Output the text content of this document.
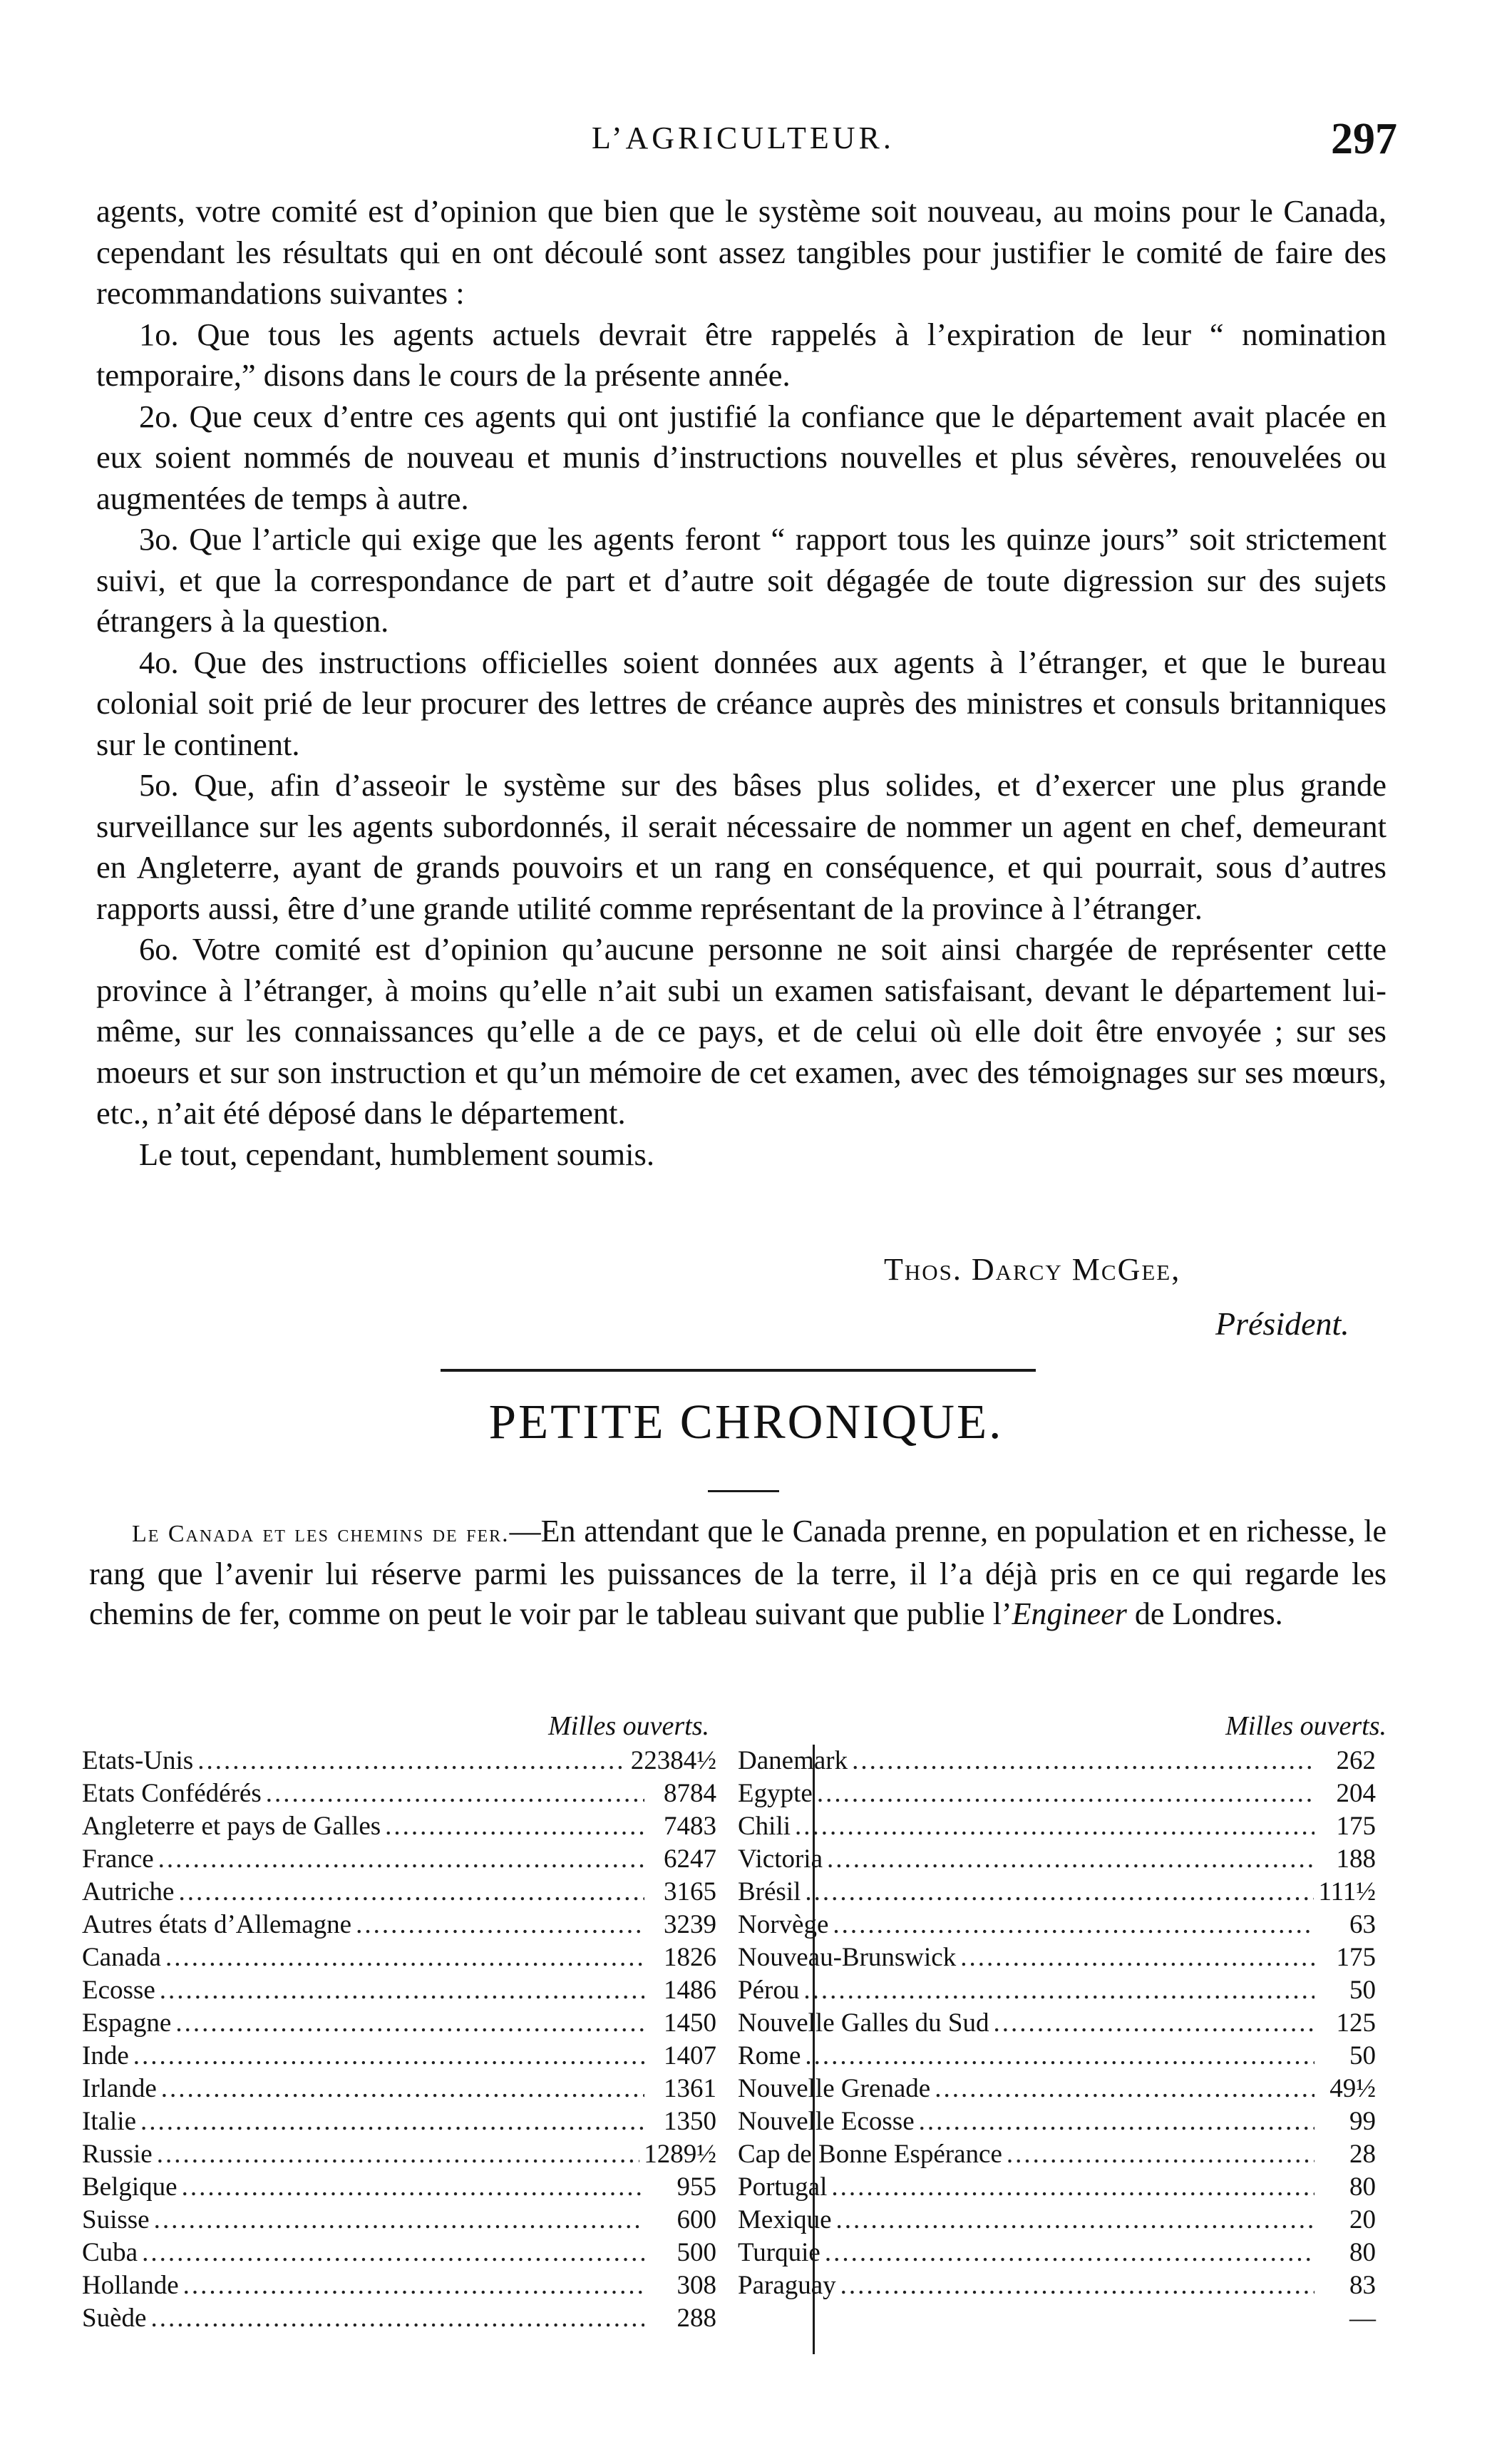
L’AGRICULTEUR.	297

agents, votre comité est d’opinion que bien que le système soit nouveau, au moins pour le Canada, cependant les résultats qui en ont découlé sont assez tangibles pour justifier le comité de faire des recommandations suivantes :

1o. Que tous les agents actuels devrait être rappelés à l’expiration de leur “ nomination temporaire,” disons dans le cours de la présente année.

2o. Que ceux d’entre ces agents qui ont justifié la confiance que le département avait placée en eux soient nommés de nouveau et munis d’instructions nouvelles et plus sévères, renouvelées ou augmentées de temps à autre.

3o. Que l’article qui exige que les agents feront “ rapport tous les quinze jours” soit strictement suivi, et que la correspondance de part et d’autre soit dégagée de toute digression sur des sujets étrangers à la question.

4o. Que des instructions officielles soient données aux agents à l’étranger, et que le bureau colonial soit prié de leur procurer des lettres de créance auprès des ministres et consuls britanniques sur le continent.

5o. Que, afin d’asseoir le système sur des bâses plus solides, et d’exercer une plus grande surveillance sur les agents subordonnés, il serait nécessaire de nommer un agent en chef, demeurant en Angleterre, ayant de grands pouvoirs et un rang en conséquence, et qui pourrait, sous d’autres rapports aussi, être d’une grande utilité comme représentant de la province à l’étranger.

6o. Votre comité est d’opinion qu’aucune personne ne soit ainsi chargée de représenter cette province à l’étranger, à moins qu’elle n’ait subi un examen satisfaisant, devant le département lui-même, sur les connaissances qu’elle a de ce pays, et de celui où elle doit être envoyée ; sur ses moeurs et sur son instruction et qu’un mémoire de cet examen, avec des témoignages sur ses mœurs, etc., n’ait été déposé dans le département.

Le tout, cependant, humblement soumis.

Thos. Darcy McGee,
Président.
PETITE CHRONIQUE.
Le Canada et les chemins de fer.—En attendant que le Canada prenne, en population et en richesse, le rang que l’avenir lui réserve parmi les puissances de la terre, il l’a déjà pris en ce qui regarde les chemins de fer, comme on peut le voir par le tableau suivant que publie l’Engineer de Londres.
Milles ouverts.
Etats-Unis .....	22384½
Etats Confédérés .....	8784
Angleterre et pays de Galles .....	7483
France .....	6247
Autriche .....	3165
Autres états d’Allemagne .....	3239
Canada .....	1826
Ecosse .....	1486
Espagne .....	1450
Inde .....	1407
Irlande .....	1361
Italie .....	1350
Russie .....	1289½
Belgique .....	955
Suisse .....	600
Cuba .....	500
Hollande .....	308
Suède .....	288
Milles ouverts.
Danemark .....	262
Egypte .....	204
Chili .....	175
Victoria .....	188
Brésil .....	111½
Norvège .....	63
Nouveau-Brunswick .....	175
Pérou .....	50
Nouvelle Galles du Sud .....	125
Rome .....	50
Nouvelle Grenade .....	49½
Nouvelle Ecosse .....	99
Cap de Bonne Espérance .....	28
Portugal .....	80
Mexique .....	20
Turquie .....	80
Paraguay .....	83
—
